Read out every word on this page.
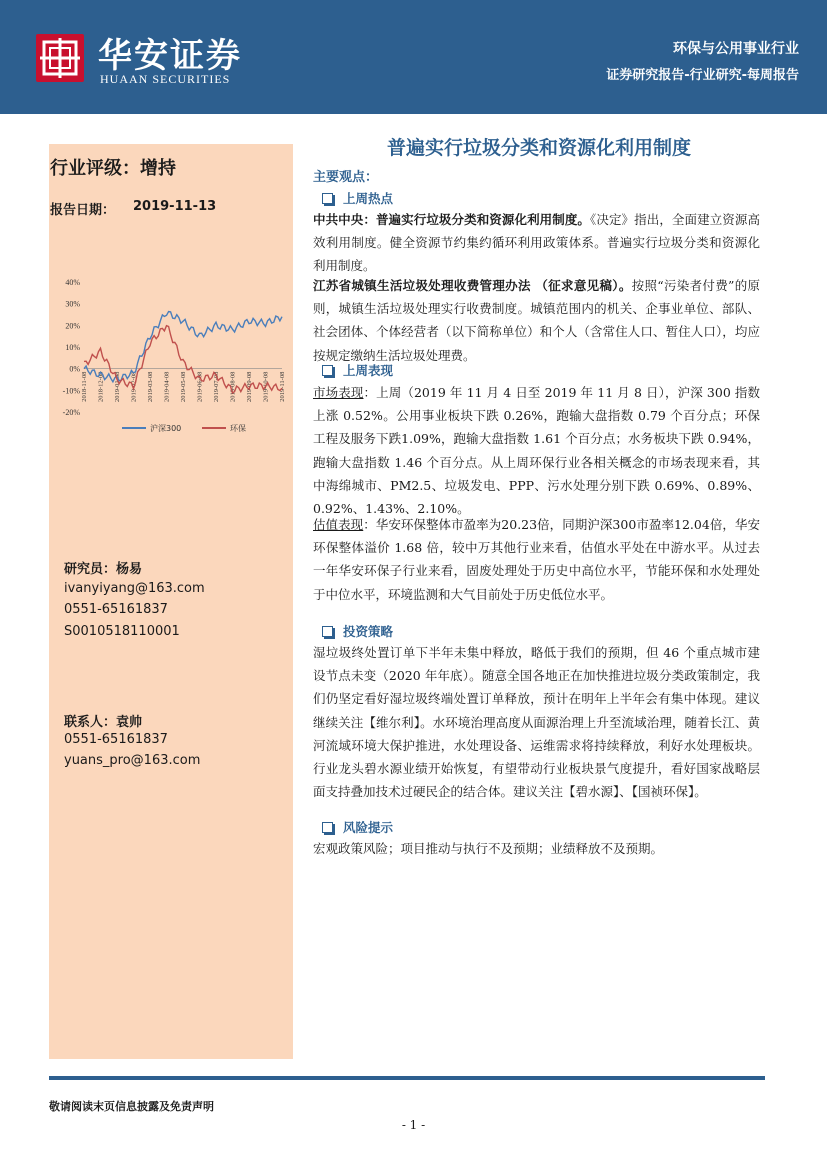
华安证券
HUAAN SECURITIES
环保与公用事业行业
证券研究报告-行业研究-每周报告
行业评级：增持
报告日期： 2019-11-13
40%
30%
20%
10%
0%
-10%
-20%
2018-11-08 2018-12-08 2019-01-08 2019-02-08 2019-03-08 2019-04-08 2019-05-08 2019-06-08 2019-07-08 2019-08-08 2019-09-08 2019-10-08 2019-11-08
沪深300	环保
研究员：杨易
ivanyiyang@163.com
0551-65161837
S0010518110001
联系人：袁帅
0551-65161837
yuans_pro@163.com
普遍实行垃圾分类和资源化利用制度
主要观点：
上周热点
中共中央：普遍实行垃圾分类和资源化利用制度。《决定》指出，全面建立资源高效利用制度。健全资源节约集约循环利用政策体系。普遍实行垃圾分类和资源化利用制度。
江苏省城镇生活垃圾处理收费管理办法 （征求意见稿）。按照“污染者付费”的原则，城镇生活垃圾处理实行收费制度。城镇范围内的机关、企事业单位、部队、社会团体、个体经营者（以下简称单位）和个人（含常住人口、暂住人口），均应按规定缴纳生活垃圾处理费。
上周表现
市场表现：上周（2019 年 11 月 4 日至 2019 年 11 月 8 日），沪深 300 指数上涨 0.52%。公用事业板块下跌 0.26%，跑输大盘指数 0.79 个百分点；环保工程及服务下跌1.09%，跑输大盘指数 1.61 个百分点；水务板块下跌 0.94%，跑输大盘指数 1.46 个百分点。从上周环保行业各相关概念的市场表现来看，其中海绵城市、PM2.5、垃圾发电、PPP、污水处理分别下跌 0.69%、0.89%、0.92%、1.43%、2.10%。
估值表现：华安环保整体市盈率为20.23倍，同期沪深300市盈率12.04倍，华安环保整体溢价 1.68 倍，较中万其他行业来看，估值水平处在中游水平。从过去一年华安环保子行业来看，固废处理处于历史中高位水平，节能环保和水处理处于中位水平，环境监测和大气目前处于历史低位水平。
投资策略
湿垃圾终处置订单下半年未集中释放，略低于我们的预期，但 46 个重点城市建设节点未变（2020 年年底）。随意全国各地正在加快推进垃圾分类政策制定，我们仍坚定看好湿垃圾终端处置订单释放，预计在明年上半年会有集中体现。建议继续关注【维尔利】。水环境治理高度从面源治理上升至流域治理，随着长江、黄河流域环境大保护推进，水处理设备、运维需求将持续释放，利好水处理板块。行业龙头碧水源业绩开始恢复，有望带动行业板块景气度提升，看好国家战略层面支持叠加技术过硬民企的结合体。建议关注【碧水源】、【国祯环保】。
风险提示
宏观政策风险；项目推动与执行不及预期；业绩释放不及预期。
敬请阅读末页信息披露及免责声明
- 1 -
